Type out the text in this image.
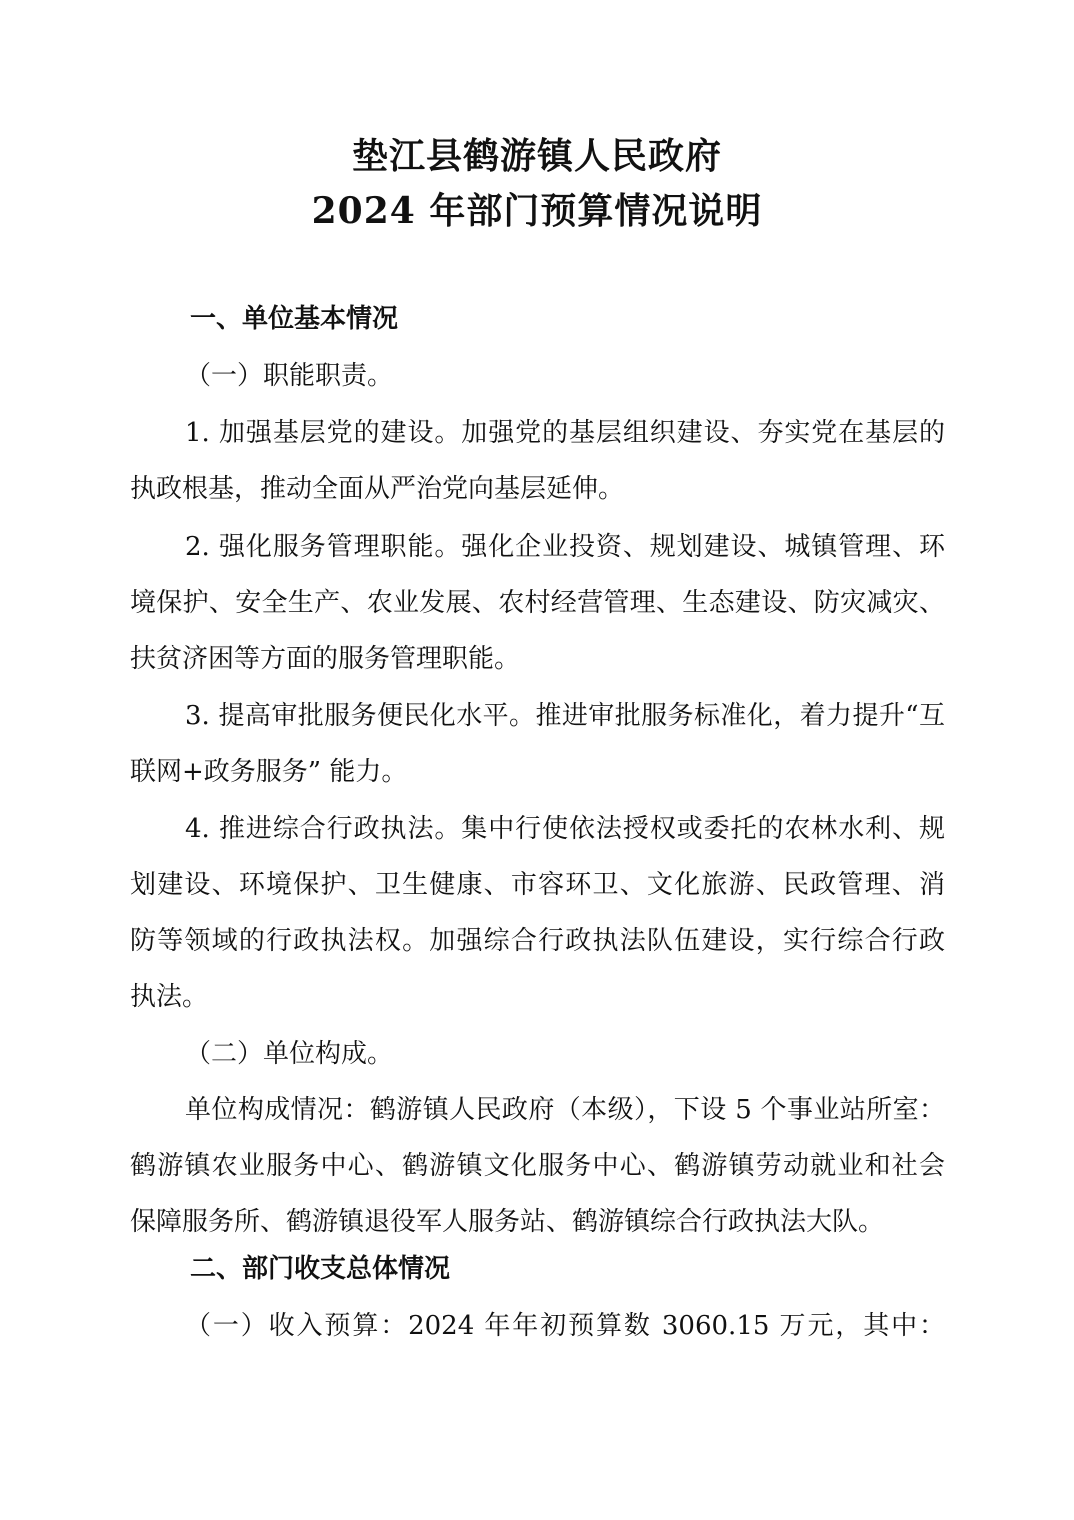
垫江县鹤游镇人民政府
2024 年部门预算情况说明
一、单位基本情况
（一）职能职责。
1. 加强基层党的建设。加强党的基层组织建设、夯实党在基层的
执政根基，推动全面从严治党向基层延伸。
2. 强化服务管理职能。强化企业投资、规划建设、城镇管理、环
境保护、安全生产、农业发展、农村经营管理、生态建设、防灾减灾、
扶贫济困等方面的服务管理职能。
3. 提高审批服务便民化水平。推进审批服务标准化，着力提升“互
联网+政务服务” 能力。
4. 推进综合行政执法。集中行使依法授权或委托的农林水利、规
划建设、环境保护、卫生健康、市容环卫、文化旅游、民政管理、消
防等领域的行政执法权。加强综合行政执法队伍建设，实行综合行政
执法。
（二）单位构成。
单位构成情况：鹤游镇人民政府（本级），下设 5 个事业站所室：
鹤游镇农业服务中心、鹤游镇文化服务中心、鹤游镇劳动就业和社会
保障服务所、鹤游镇退役军人服务站、鹤游镇综合行政执法大队。
二、部门收支总体情况
（一）收入预算：2024 年年初预算数 3060.15 万元，其中：
